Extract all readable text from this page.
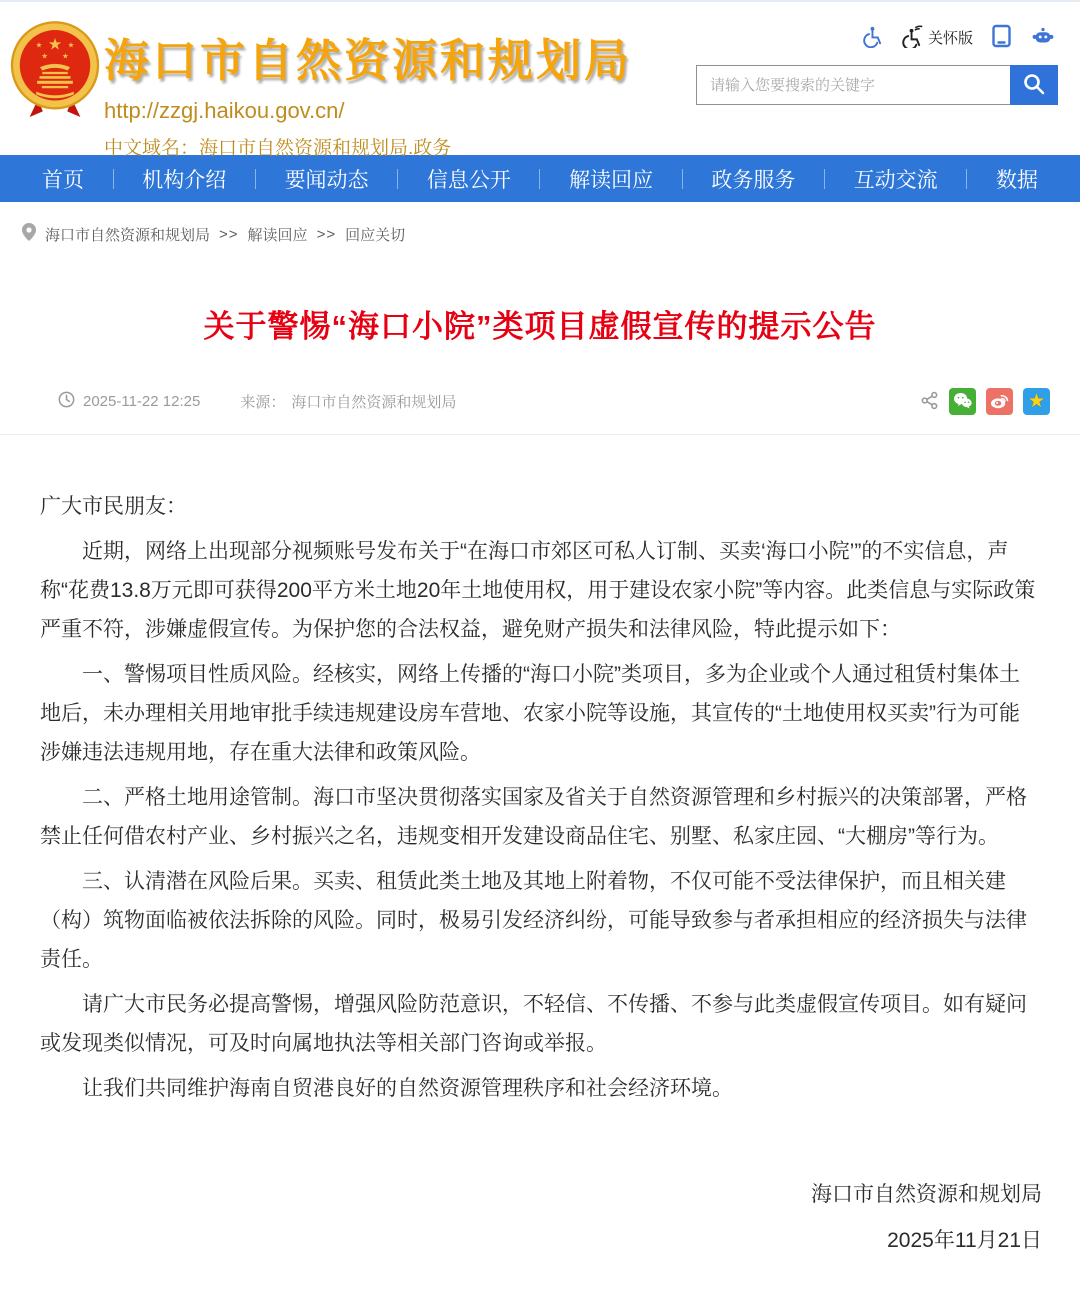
★
★	★
★ ★ 海口市自然资源和规划局
http://zzgj.haikou.gov.cn/
中文域名：海口市自然资源和规划局.政务
关怀版
请输入您要搜索的关键字
首页	机构介绍	要闻动态	信息公开	解读回应	政务服务	互动交流	数据
海口市自然资源和规划局 >> 解读回应 >> 回应关切
关于警惕“海口小院”类项目虚假宣传的提示公告
2025-11-22 12:25	来源： 海口市自然资源和规划局	★

广大市民朋友：

近期，网络上出现部分视频账号发布关于“在海口市郊区可私人订制、买卖‘海口小院’”的不实信息，声称“花费13.8万元即可获得200平方米土地20年土地使用权，用于建设农家小院”等内容。此类信息与实际政策严重不符，涉嫌虚假宣传。为保护您的合法权益，避免财产损失和法律风险，特此提示如下：

一、警惕项目性质风险。经核实，网络上传播的“海口小院”类项目，多为企业或个人通过租赁村集体土地后，未办理相关用地审批手续违规建设房车营地、农家小院等设施，其宣传的“土地使用权买卖”行为可能涉嫌违法违规用地，存在重大法律和政策风险。

二、严格土地用途管制。海口市坚决贯彻落实国家及省关于自然资源管理和乡村振兴的决策部署，严格禁止任何借农村产业、乡村振兴之名，违规变相开发建设商品住宅、别墅、私家庄园、“大棚房”等行为。

三、认清潜在风险后果。买卖、租赁此类土地及其地上附着物，不仅可能不受法律保护，而且相关建（构）筑物面临被依法拆除的风险。同时，极易引发经济纠纷，可能导致参与者承担相应的经济损失与法律责任。

请广大市民务必提高警惕，增强风险防范意识，不轻信、不传播、不参与此类虚假宣传项目。如有疑问或发现类似情况，可及时向属地执法等相关部门咨询或举报。

让我们共同维护海南自贸港良好的自然资源管理秩序和社会经济环境。

海口市自然资源和规划局
2025年11月21日
